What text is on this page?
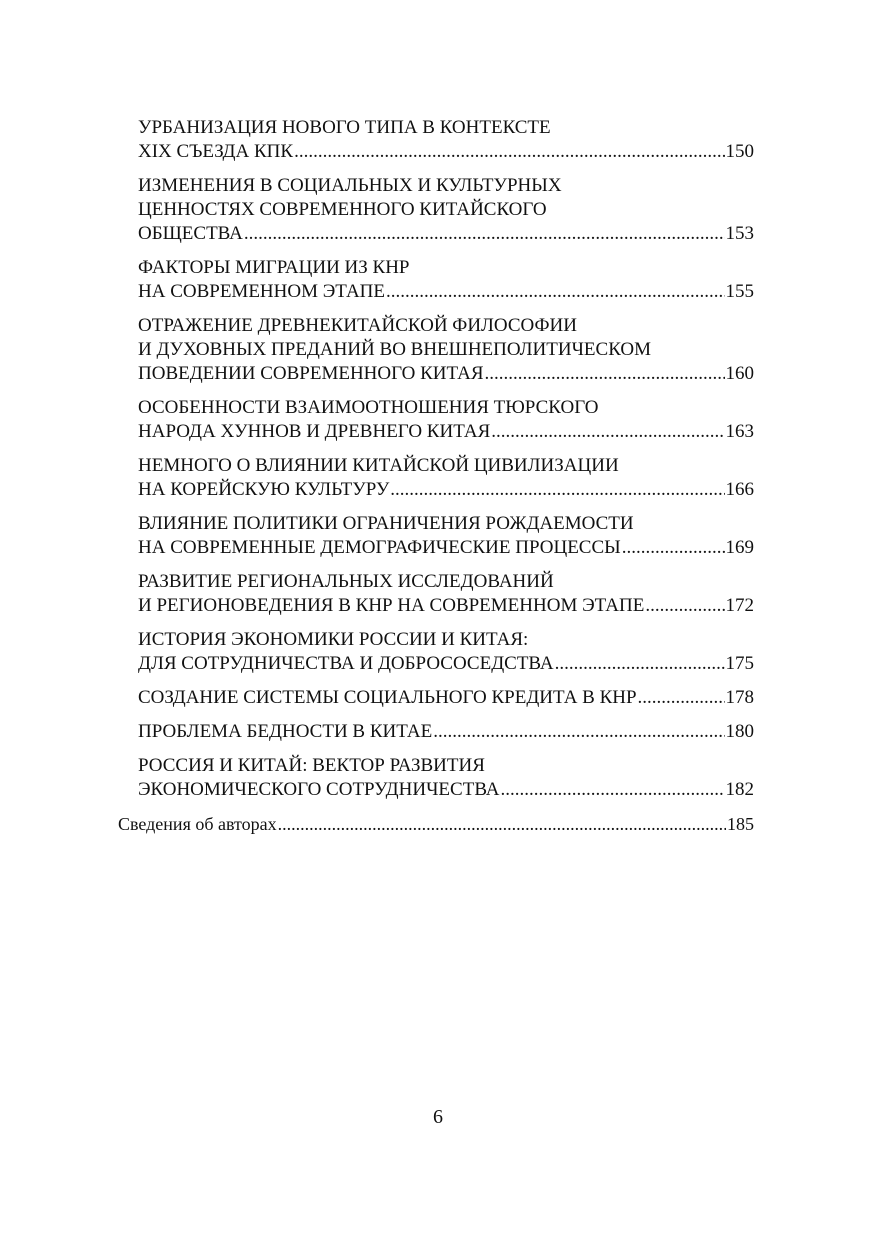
УРБАНИЗАЦИЯ НОВОГО ТИПА В КОНТЕКСТЕ
XIX СЪЕЗДА КПК .....	150
ИЗМЕНЕНИЯ В СОЦИАЛЬНЫХ И КУЛЬТУРНЫХ
ЦЕННОСТЯХ СОВРЕМЕННОГО КИТАЙСКОГО
ОБЩЕСТВА .....	153
ФАКТОРЫ МИГРАЦИИ ИЗ КНР
НА СОВРЕМЕННОМ ЭТАПЕ .....	155
ОТРАЖЕНИЕ ДРЕВНЕКИТАЙСКОЙ ФИЛОСОФИИ
И ДУХОВНЫХ ПРЕДАНИЙ ВО ВНЕШНЕПОЛИТИЧЕСКОМ
ПОВЕДЕНИИ СОВРЕМЕННОГО КИТАЯ .....	160
ОСОБЕННОСТИ ВЗАИМООТНОШЕНИЯ ТЮРСКОГО
НАРОДА ХУННОВ И ДРЕВНЕГО КИТАЯ .....	163
НЕМНОГО О ВЛИЯНИИ КИТАЙСКОЙ ЦИВИЛИЗАЦИИ
НА КОРЕЙСКУЮ КУЛЬТУРУ .....	166
ВЛИЯНИЕ ПОЛИТИКИ ОГРАНИЧЕНИЯ РОЖДАЕМОСТИ
НА СОВРЕМЕННЫЕ ДЕМОГРАФИЧЕСКИЕ ПРОЦЕССЫ .....	169
РАЗВИТИЕ РЕГИОНАЛЬНЫХ ИССЛЕДОВАНИЙ
И РЕГИОНОВЕДЕНИЯ В КНР НА СОВРЕМЕННОМ ЭТАПЕ .....	172
ИСТОРИЯ ЭКОНОМИКИ РОССИИ И КИТАЯ:
ДЛЯ СОТРУДНИЧЕСТВА И ДОБРОСОСЕДСТВА .....	175
СОЗДАНИЕ СИСТЕМЫ СОЦИАЛЬНОГО КРЕДИТА В КНР .....	178
ПРОБЛЕМА БЕДНОСТИ В КИТАЕ .....	180
РОССИЯ И КИТАЙ: ВЕКТОР РАЗВИТИЯ
ЭКОНОМИЧЕСКОГО СОТРУДНИЧЕСТВА .....	182
Сведения об авторах .....	185
6
